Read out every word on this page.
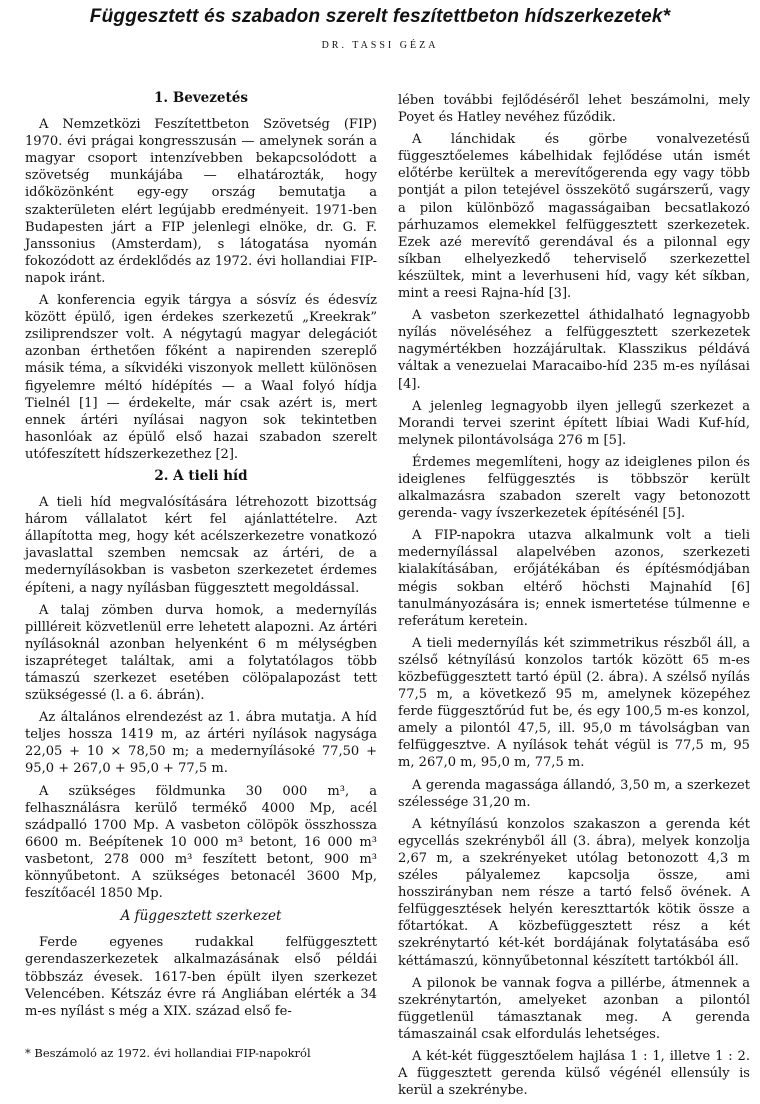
Függesztett és szabadon szerelt feszítettbeton hídszerkezetek*
DR. TASSI GÉZA
1. Bevezetés

A Nemzetközi Feszítettbeton Szövetség (FIP) 1970. évi prágai kongresszusán — amelynek során a magyar csoport intenzívebben bekapcsolódott a szövetség munkájába — elhatározták, hogy időközönként egy-egy ország bemutatja a szakterületen elért legújabb eredményeit. 1971-ben Budapesten járt a FIP jelenlegi elnöke, dr. G. F. Janssonius (Amsterdam), s látogatása nyomán fokozódott az érdeklődés az 1972. évi hollandiai FIP-napok iránt.

A konferencia egyik tárgya a sósvíz és édesvíz között épülő, igen érdekes szerkezetű „Kreekrak” zsiliprendszer volt. A négytagú magyar delegációt azonban érthetően főként a napirenden szereplő másik téma, a síkvidéki viszonyok mellett különösen figyelemre méltó hídépítés — a Waal folyó hídja Tielnél [1] — érdekelte, már csak azért is, mert ennek ártéri nyílásai nagyon sok tekintetben hasonlóak az épülő első hazai szabadon szerelt utófeszített hídszerkezethez [2].

2. A tieli híd

A tieli híd megvalósítására létrehozott bizottság három vállalatot kért fel ajánlattételre. Azt állapította meg, hogy két acélszerkezetre vonatkozó javaslattal szemben nemcsak az ártéri, de a medernyílásokban is vasbeton szerkezetet érdemes építeni, a nagy nyílásban függesztett megoldással.

A talaj zömben durva homok, a medernyílás pillléreit közvetlenül erre lehetett alapozni. Az ártéri nyílásoknál azonban helyenként 6 m mélységben iszapréteget találtak, ami a folytatólagos több támaszú szerkezet esetében cölöpalapozást tett szükségessé (l. a 6. ábrán).

Az általános elrendezést az 1. ábra mutatja. A híd teljes hossza 1419 m, az ártéri nyílások nagysága 22,05 + 10 × 78,50 m; a medernyílásoké 77,50 + 95,0 + 267,0 + 95,0 + 77,5 m.

A szükséges földmunka 30 000 m³, a felhasználásra kerülő termékő 4000 Mp, acél szádpalló 1700 Mp. A vasbeton cölöpök összhossza 6600 m. Beépítenek 10 000 m³ betont, 16 000 m³ vasbetont, 278 000 m³ feszített betont, 900 m³ könnyűbetont. A szükséges betonacél 3600 Mp, feszítőacél 1850 Mp.

A függesztett szerkezet

Ferde egyenes rudakkal felfüggesztett gerendaszerkezetek alkalmazásának első példái többszáz évesek. 1617-ben épült ilyen szerkezet Velencében. Kétszáz évre rá Angliában elérték a 34 m-es nyílást s még a XIX. század első fe-

* Beszámoló az 1972. évi hollandiai FIP-napokról

lében további fejlődéséről lehet beszámolni, mely Poyet és Hatley nevéhez fűződik.

A lánchidak és görbe vonalvezetésű függesztőelemes kábelhidak fejlődése után ismét előtérbe kerültek a merevítőgerenda egy vagy több pontját a pilon tetejével összekötő sugárszerű, vagy a pilon különböző magasságaiban becsatlakozó párhuzamos elemekkel felfüggesztett szerkezetek. Ezek azé merevítő gerendával és a pilonnal egy síkban elhelyezkedő teherviselő szerkezettel készültek, mint a leverhuseni híd, vagy két síkban, mint a reesi Rajna-híd [3].

A vasbeton szerkezettel áthidalható legnagyobb nyílás növeléséhez a felfüggesztett szerkezetek nagymértékben hozzájárultak. Klasszikus példává váltak a venezuelai Maracaibo-híd 235 m-es nyílásai [4].

A jelenleg legnagyobb ilyen jellegű szerkezet a Morandi tervei szerint épített líbiai Wadi Kuf-híd, melynek pilontávolsága 276 m [5].

Érdemes megemlíteni, hogy az ideiglenes pilon és ideiglenes felfüggesztés is többször került alkalmazásra szabadon szerelt vagy betonozott gerenda- vagy ívszerkezetek építésénél [5].

A FIP-napokra utazva alkalmunk volt a tieli medernyílással alapelvében azonos, szerkezeti kialakításában, erőjátékában és építésmódjában mégis sokban eltérő höchsti Majnahíd [6] tanulmányozására is; ennek ismertetése túlmenne e referátum keretein.

A tieli medernyílás két szimmetrikus részből áll, a szélső kétnyílású konzolos tartók között 65 m-es közbefüggesztett tartó épül (2. ábra). A szélső nyílás 77,5 m, a következő 95 m, amelynek közepéhez ferde függesztőrúd fut be, és egy 100,5 m-es konzol, amely a pilontól 47,5, ill. 95,0 m távolságban van felfüggesztve. A nyílások tehát végül is 77,5 m, 95 m, 267,0 m, 95,0 m, 77,5 m.

A gerenda magassága állandó, 3,50 m, a szerkezet szélessége 31,20 m.

A kétnyílású konzolos szakaszon a gerenda két egycellás szekrényből áll (3. ábra), melyek konzolja 2,67 m, a szekrényeket utólag betonozott 4,3 m széles pályalemez kapcsolja össze, ami hosszirányban nem része a tartó felső övének. A felfüggesztések helyén kereszttartók kötik össze a főtartókat. A közbefüggesztett rész a két szekrénytartó két-két bordájának folytatásába eső kéttámaszú, könnyűbetonnal készített tartókból áll.

A pilonok be vannak fogva a pillérbe, átmennek a szekrénytartón, amelyeket azonban a pilontól függetlenül támasztanak meg. A gerenda támaszainál csak elfordulás lehetséges.

A két-két függesztőelem hajlása 1 : 1, illetve 1 : 2. A függesztett gerenda külső végénél ellensúly is kerül a szekrénybe.
